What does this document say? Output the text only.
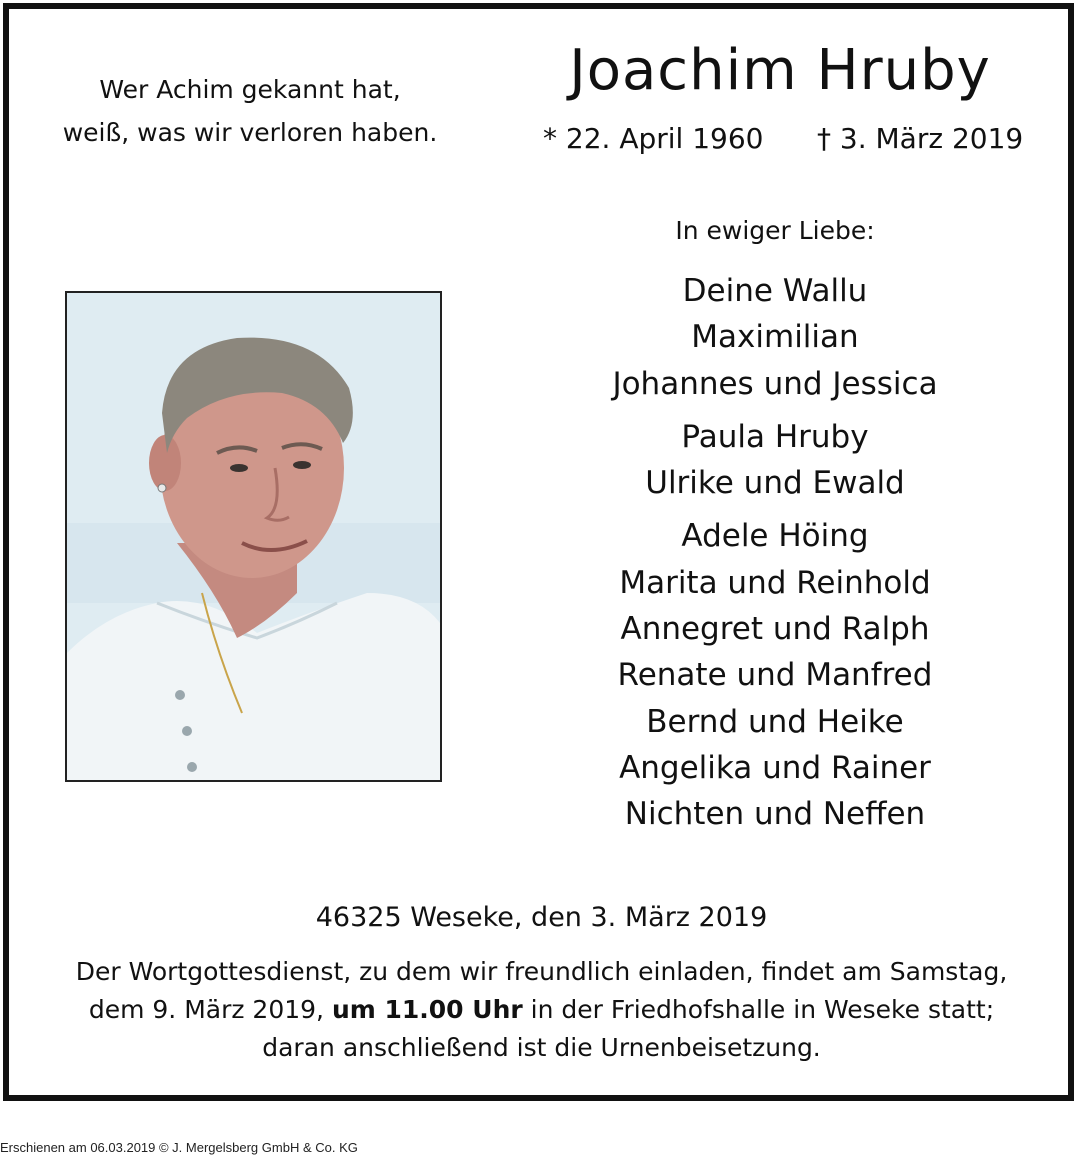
Wer Achim gekannt hat,
weiß, was wir verloren haben.
Joachim Hruby
* 22. April 1960 † 3. März 2019
In ewiger Liebe:
Deine Wallu
Maximilian
Johannes und Jessica
Paula Hruby
Ulrike und Ewald
Adele Höing
Marita und Reinhold
Annegret und Ralph
Renate und Manfred
Bernd und Heike
Angelika und Rainer
Nichten und Neffen
46325 Weseke, den 3. März 2019
Der Wortgottesdienst, zu dem wir freundlich einladen, findet am Samstag,
dem 9. März 2019, um 11.00 Uhr in der Friedhofshalle in Weseke statt;
daran anschließend ist die Urnenbeisetzung.
Erschienen am 06.03.2019 © J. Mergelsberg GmbH & Co. KG
